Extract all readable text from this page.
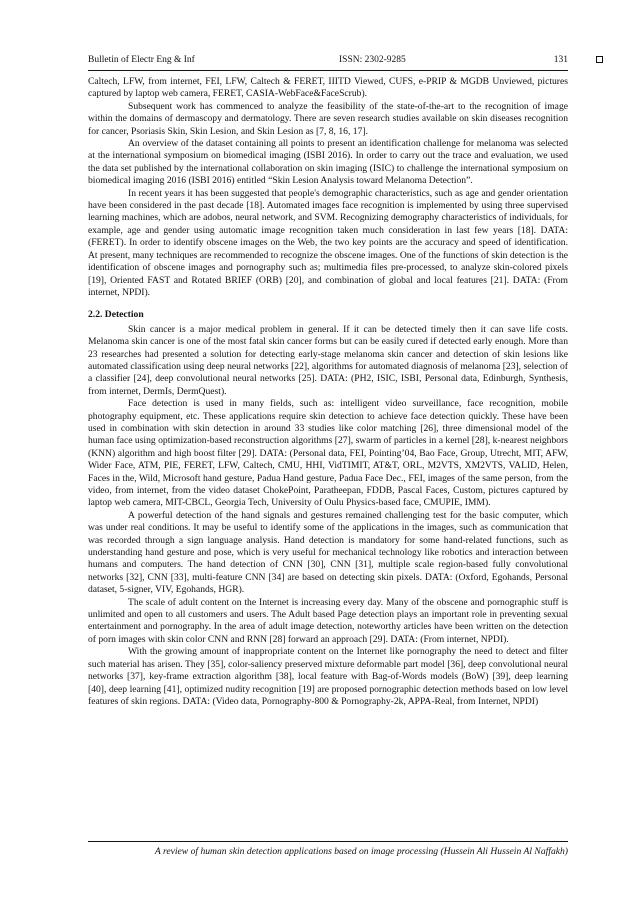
Bulletin of Electr Eng & Inf	ISSN: 2302-9285	131

Caltech, LFW, from internet, FEI, LFW, Caltech & FERET, IIITD Viewed, CUFS, e-PRIP & MGDB Unviewed, pictures captured by laptop web camera, FERET, CASIA-WebFace&FaceScrub).

Subsequent work has commenced to analyze the feasibility of the state-of-the-art to the recognition of image within the domains of dermascopy and dermatology. There are seven research studies available on skin diseases recognition for cancer, Psoriasis Skin, Skin Lesion, and Skin Lesion as [7, 8, 16, 17].

An overview of the dataset containing all points to present an identification challenge for melanoma was selected at the international symposium on biomedical imaging (ISBI 2016). In order to carry out the trace and evaluation, we used the data set published by the international collaboration on skin imaging (ISIC) to challenge the international symposium on biomedical imaging 2016 (ISBI 2016) entitled “Skin Lesion Analysis toward Melanoma Detection”.

In recent years it has been suggested that people's demographic characteristics, such as age and gender orientation have been considered in the past decade [18]. Automated images face recognition is implemented by using three supervised learning machines, which are adobos, neural network, and SVM. Recognizing demography characteristics of individuals, for example, age and gender using automatic image recognition taken much consideration in last few years [18]. DATA: (FERET). In order to identify obscene images on the Web, the two key points are the accuracy and speed of identification. At present, many techniques are recommended to recognize the obscene images. One of the functions of skin detection is the identification of obscene images and pornography such as; multimedia files pre-processed, to analyze skin-colored pixels [19], Oriented FAST and Rotated BRIEF (ORB) [20], and combination of global and local features [21]. DATA: (From internet, NPDI).

2.2. Detection

Skin cancer is a major medical problem in general. If it can be detected timely then it can save life costs. Melanoma skin cancer is one of the most fatal skin cancer forms but can be easily cured if detected early enough. More than 23 researches had presented a solution for detecting early-stage melanoma skin cancer and detection of skin lesions like automated classification using deep neural networks [22], algorithms for automated diagnosis of melanoma [23], selection of a classifier [24], deep convolutional neural networks [25]. DATA: (PH2, ISIC, ISBI, Personal data, Edinburgh, Synthesis, from internet, DermIs, DermQuest).

Face detection is used in many fields, such as: intelligent video surveillance, face recognition, mobile photography equipment, etc. These applications require skin detection to achieve face detection quickly. These have been used in combination with skin detection in around 33 studies like color matching [26], three dimensional model of the human face using optimization-based reconstruction algorithms [27], swarm of particles in a kernel [28], k-nearest neighbors (KNN) algorithm and high boost filter [29]. DATA: (Personal data, FEI, Pointing’04, Bao Face, Group, Utrecht, MIT, AFW, Wider Face, ATM, PIE, FERET, LFW, Caltech, CMU, HHI, VidTIMIT, AT&T, ORL, M2VTS, XM2VTS, VALID, Helen, Faces in the, Wild, Microsoft hand gesture, Padua Hand gesture, Padua Face Dec., FEI, images of the same person, from the video, from internet, from the video dataset ChokePoint, Paratheepan, FDDB, Pascal Faces, Custom, pictures captured by laptop web camera, MIT-CBCL, Georgia Tech, University of Oulu Physics-based face, CMUPIE, IMM).

A powerful detection of the hand signals and gestures remained challenging test for the basic computer, which was under real conditions. It may be useful to identify some of the applications in the images, such as communication that was recorded through a sign language analysis. Hand detection is mandatory for some hand-related functions, such as understanding hand gesture and pose, which is very useful for mechanical technology like robotics and interaction between humans and computers. The hand detection of CNN [30], CNN [31], multiple scale region-based fully convolutional networks [32], CNN [33], multi-feature CNN [34] are based on detecting skin pixels. DATA: (Oxford, Egohands, Personal dataset, 5-signer, VIV, Egohands, HGR).

The scale of adult content on the Internet is increasing every day. Many of the obscene and pornographic stuff is unlimited and open to all customers and users. The Adult based Page detection plays an important role in preventing sexual entertainment and pornography. In the area of adult image detection, noteworthy articles have been written on the detection of porn images with skin color CNN and RNN [28] forward an approach [29]. DATA: (From internet, NPDI).

With the growing amount of inappropriate content on the Internet like pornography the need to detect and filter such material has arisen. They [35], color-saliency preserved mixture deformable part model [36], deep convolutional neural networks [37], key-frame extraction algorithm [38], local feature with Bag-of-Words models (BoW) [39], deep learning [40], deep learning [41], optimized nudity recognition [19] are proposed pornographic detection methods based on low level features of skin regions. DATA: (Video data, Pornography-800 & Pornography-2k, APPA-Real, from Internet, NPDI)

A review of human skin detection applications based on image processing (Hussein Ali Hussein Al Naffakh)
